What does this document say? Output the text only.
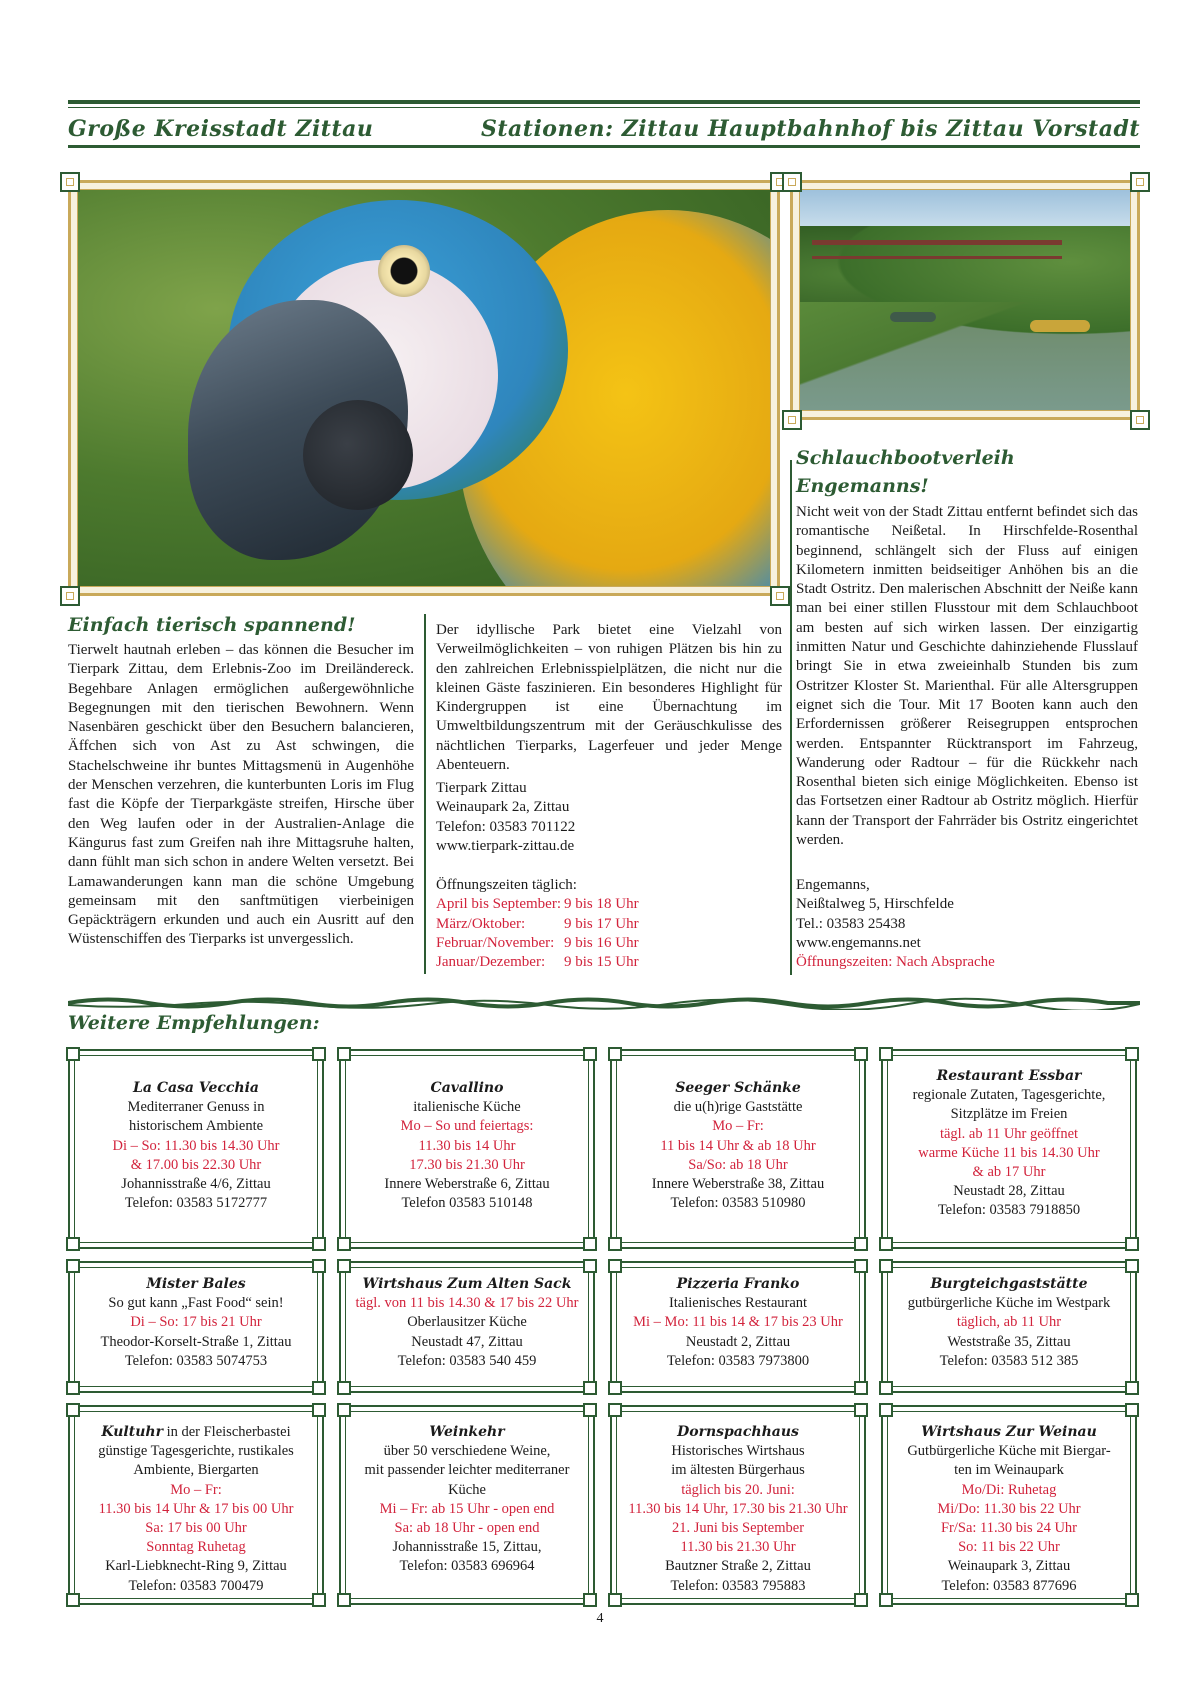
Große Kreisstadt Zittau	Stationen: Zittau Hauptbahnhof bis Zittau Vorstadt
Schlauchbootverleih
Engemanns!
Nicht weit von der Stadt Zittau entfernt befindet sich das romantische Neißetal. In Hirschfelde-Rosenthal beginnend, schlängelt sich der Fluss auf einigen Kilometern inmitten beidseitiger Anhöhen bis an die Stadt Ostritz. Den malerischen Abschnitt der Neiße kann man bei einer stillen Flusstour mit dem Schlauchboot am besten auf sich wirken lassen. Der einzigartig inmitten Natur und Geschichte dahinziehende Flusslauf bringt Sie in etwa zweieinhalb Stunden bis zum Ostritzer Kloster St. Marienthal. Für alle Altersgruppen eignet sich die Tour. Mit 17 Booten kann auch den Erfordernissen größerer Reisegruppen entsprochen werden. Entspannter Rücktransport im Fahrzeug, Wanderung oder Radtour – für die Rückkehr nach Rosenthal bieten sich einige Möglichkeiten. Ebenso ist das Fortsetzen einer Radtour ab Ostritz möglich. Hierfür kann der Transport der Fahrräder bis Ostritz eingerichtet werden.
Engemanns,
Neißtalweg 5, Hirschfelde
Tel.: 03583 25438
www.engemanns.net
Öffnungszeiten: Nach Absprache
Einfach tierisch spannend!
Tierwelt hautnah erleben – das können die Besucher im Tierpark Zittau, dem Erlebnis-Zoo im Dreiländereck. Begehbare Anlagen ermöglichen außergewöhnliche Begegnungen mit den tierischen Bewohnern. Wenn Nasenbären geschickt über den Besuchern balancieren, Äffchen sich von Ast zu Ast schwingen, die Stachelschweine ihr buntes Mittagsmenü in Augenhöhe der Menschen verzehren, die kunterbunten Loris im Flug fast die Köpfe der Tierparkgäste streifen, Hirsche über den Weg laufen oder in der Australien-Anlage die Kängurus fast zum Greifen nah ihre Mittagsruhe halten, dann fühlt man sich schon in andere Welten versetzt. Bei Lamawanderungen kann man die schöne Umgebung gemeinsam mit den sanftmütigen vierbeinigen Gepäckträgern erkunden und auch ein Ausritt auf den Wüstenschiffen des Tierparks ist unvergesslich.
Der idyllische Park bietet eine Vielzahl von Verweilmöglichkeiten – von ruhigen Plätzen bis hin zu den zahlreichen Erlebnisspielplätzen, die nicht nur die kleinen Gäste faszinieren. Ein besonderes Highlight für Kindergruppen ist eine Übernachtung im Umweltbildungszentrum mit der Geräuschkulisse des nächtlichen Tierparks, Lagerfeuer und jeder Menge Abenteuern.
Tierpark Zittau
Weinaupark 2a, Zittau
Telefon: 03583 701122
www.tierpark-zittau.de
Öffnungszeiten täglich:
April bis September: 9 bis 18 Uhr
März/Oktober:	9 bis 17 Uhr
Februar/November: 9 bis 16 Uhr
Januar/Dezember:	9 bis 15 Uhr
Weitere Empfehlungen:
La Casa Vecchia
Mediterraner Genuss in
historischem Ambiente
Di – So: 11.30 bis 14.30 Uhr
& 17.00 bis 22.30 Uhr
Johannisstraße 4/6, Zittau
Telefon: 03583 5172777
Cavallino
italienische Küche
Mo – So und feiertags:
11.30 bis 14 Uhr
17.30 bis 21.30 Uhr
Innere Weberstraße 6, Zittau
Telefon 03583 510148
Seeger Schänke
die u(h)rige Gaststätte
Mo – Fr:
11 bis 14 Uhr & ab 18 Uhr
Sa/So: ab 18 Uhr
Innere Weberstraße 38, Zittau
Telefon: 03583 510980
Restaurant Essbar
regionale Zutaten, Tagesgerichte,
Sitzplätze im Freien
tägl. ab 11 Uhr geöffnet
warme Küche 11 bis 14.30 Uhr
& ab 17 Uhr
Neustadt 28, Zittau
Telefon: 03583 7918850
Mister Bales
So gut kann „Fast Food“ sein!
Di – So: 17 bis 21 Uhr
Theodor-Korselt-Straße 1, Zittau
Telefon: 03583 5074753
Wirtshaus Zum Alten Sack
tägl. von 11 bis 14.30 & 17 bis 22 Uhr
Oberlausitzer Küche
Neustadt 47, Zittau
Telefon: 03583 540 459
Pizzeria Franko
Italienisches Restaurant
Mi – Mo: 11 bis 14 & 17 bis 23 Uhr
Neustadt 2, Zittau
Telefon: 03583 7973800
Burgteichgaststätte
gutbürgerliche Küche im Westpark
täglich, ab 11 Uhr
Weststraße 35, Zittau
Telefon: 03583 512 385
Kultuhr in der Fleischerbastei
günstige Tagesgerichte, rustikales
Ambiente, Biergarten
Mo – Fr:
11.30 bis 14 Uhr & 17 bis 00 Uhr
Sa: 17 bis 00 Uhr
Sonntag Ruhetag
Karl-Liebknecht-Ring 9, Zittau
Telefon: 03583 700479
Weinkehr
über 50 verschiedene Weine,
mit passender leichter mediterraner
Küche
Mi – Fr: ab 15 Uhr - open end
Sa: ab 18 Uhr - open end
Johannisstraße 15, Zittau,
Telefon: 03583 696964
Dornspachhaus
Historisches Wirtshaus
im ältesten Bürgerhaus
täglich bis 20. Juni:
11.30 bis 14 Uhr, 17.30 bis 21.30 Uhr
21. Juni bis September
11.30 bis 21.30 Uhr
Bautzner Straße 2, Zittau
Telefon: 03583 795883
Wirtshaus Zur Weinau
Gutbürgerliche Küche mit Biergar-
ten im Weinaupark
Mo/Di: Ruhetag
Mi/Do: 11.30 bis 22 Uhr
Fr/Sa: 11.30 bis 24 Uhr
So: 11 bis 22 Uhr
Weinaupark 3, Zittau
Telefon: 03583 877696
4
